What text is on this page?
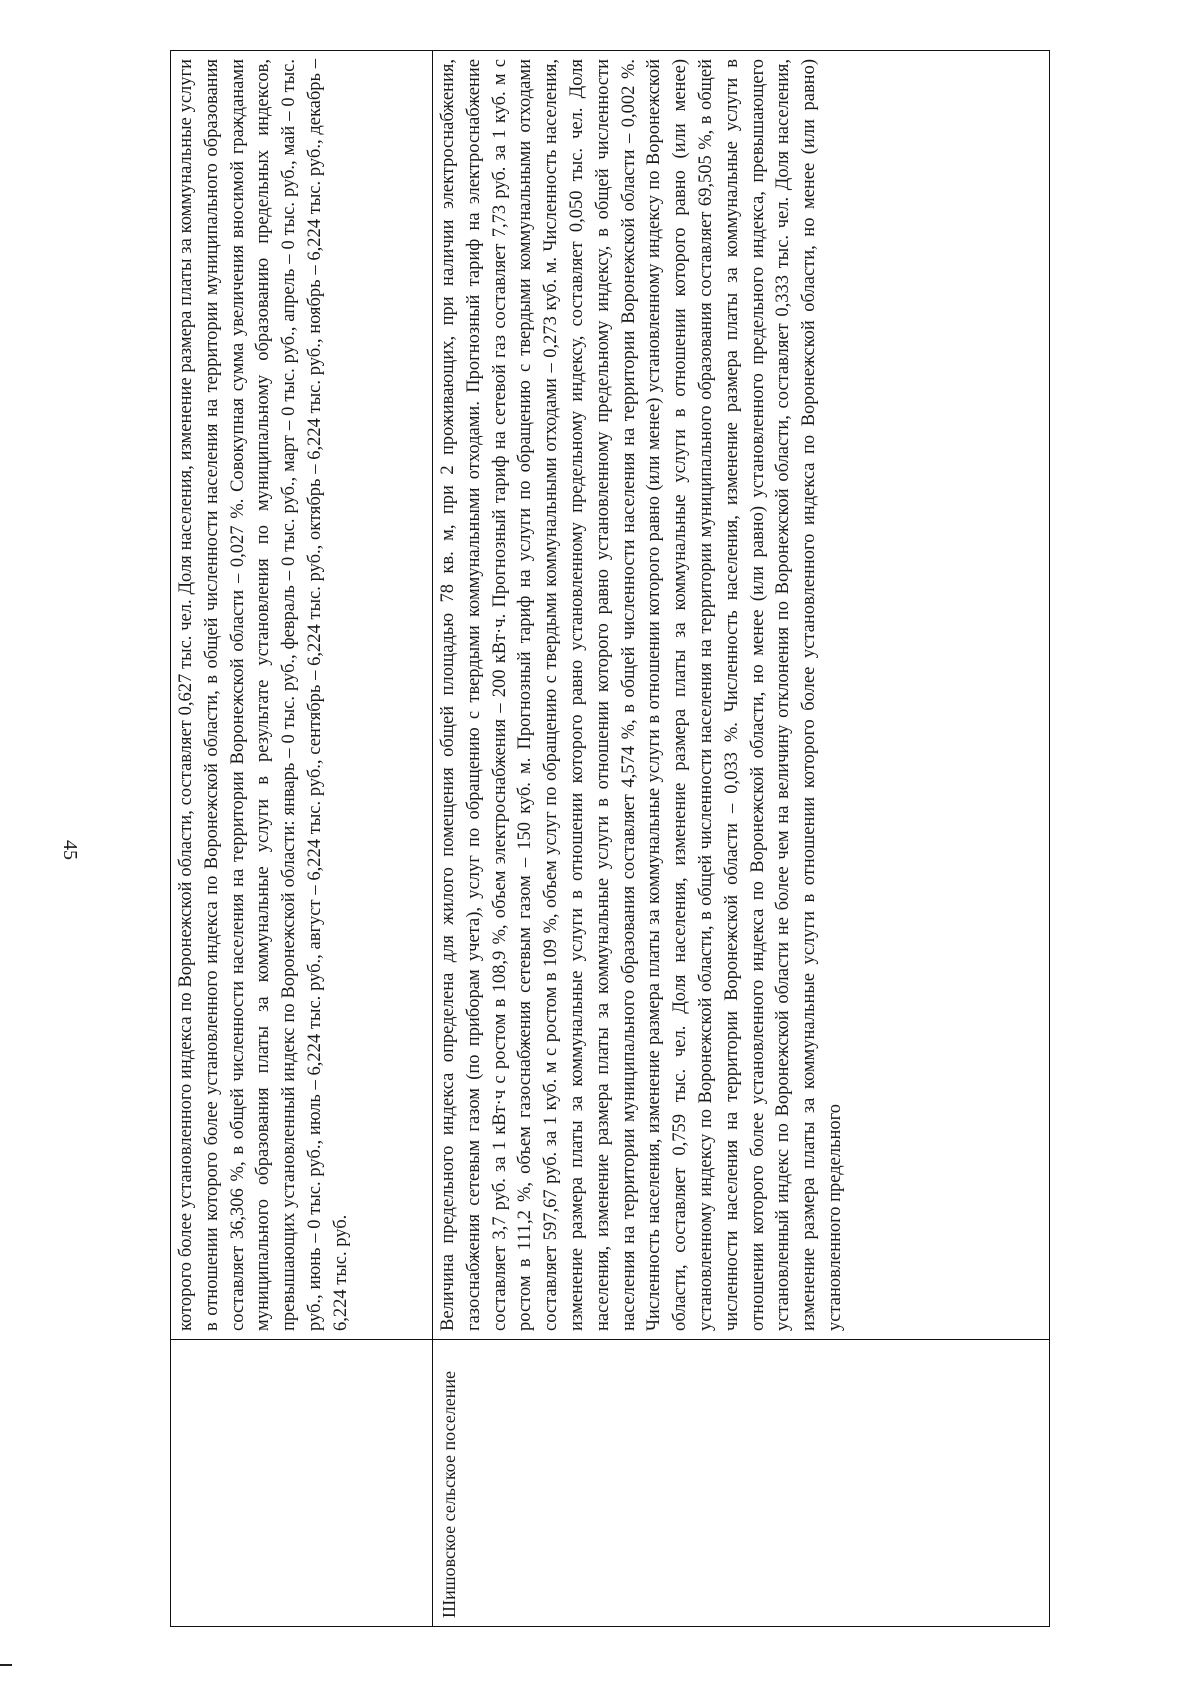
45	которого более установленного индекса по Воронежской области, составляет 0,627 тыс. чел. Доля населения, изменение размера платы за коммунальные услуги в отношении которого более установленного индекса по Воронежской области, в общей численности населения на территории муниципального образования составляет 36,306 %, в общей численности населения на территории Воронежской области – 0,027 %. Совокупная сумма увеличения вносимой гражданами муниципального образования платы за коммунальные услуги в результате установления по муниципальному образованию предельных индексов, превышающих установленный индекс по Воронежской области: январь – 0 тыс. руб., февраль – 0 тыс. руб., март – 0 тыс. руб., апрель – 0 тыс. руб., май – 0 тыс. руб., июнь – 0 тыс. руб., июль – 6,224 тыс. руб., август – 6,224 тыс. руб., сентябрь – 6,224 тыс. руб., октябрь – 6,224 тыс. руб., ноябрь – 6,224 тыс. руб., декабрь – 6,224 тыс. руб.
Шишовское сельское поселение
Величина предельного индекса определена для жилого помещения общей площадью 78 кв. м, при 2 проживающих, при наличии электроснабжения, газоснабжения сетевым газом (по приборам учета), услуг по обращению с твердыми коммунальными отходами. Прогнозный тариф на электроснабжение составляет 3,7 руб. за 1 кВт·ч с ростом в 108,9 %, объем электроснабжения – 200 кВт·ч. Прогнозный тариф на сетевой газ составляет 7,73 руб. за 1 куб. м с ростом в 111,2 %, объем газоснабжения сетевым газом – 150 куб. м. Прогнозный тариф на услуги по обращению с твердыми коммунальными отходами составляет 597,67 руб. за 1 куб. м с ростом в 109 %, объем услуг по обращению с твердыми коммунальными отходами – 0,273 куб. м. Численность населения, изменение размера платы за коммунальные услуги в отношении которого равно установленному предельному индексу, составляет 0,050 тыс. чел. Доля населения, изменение размера платы за коммунальные услуги в отношении которого равно установленному предельному индексу, в общей численности населения на территории муниципального образования составляет 4,574 %, в общей численности населения на территории Воронежской области – 0,002 %. Численность населения, изменение размера платы за коммунальные услуги в отношении которого равно (или менее) установленному индексу по Воронежской области, составляет 0,759 тыс. чел. Доля населения, изменение размера платы за коммунальные услуги в отношении которого равно (или менее) установленному индексу по Воронежской области, в общей численности населения на территории муниципального образования составляет 69,505 %, в общей численности населения на территории Воронежской области – 0,033 %. Численность населения, изменение размера платы за коммунальные услуги в отношении которого более установленного индекса по Воронежской области, но менее (или равно) установленного предельного индекса, превышающего установленный индекс по Воронежской области не более чем на величину отклонения по Воронежской области, составляет 0,333 тыс. чел. Доля населения, изменение размера платы за коммунальные услуги в отношении которого более установленного индекса по Воронежской области, но менее (или равно) установленного предельного
